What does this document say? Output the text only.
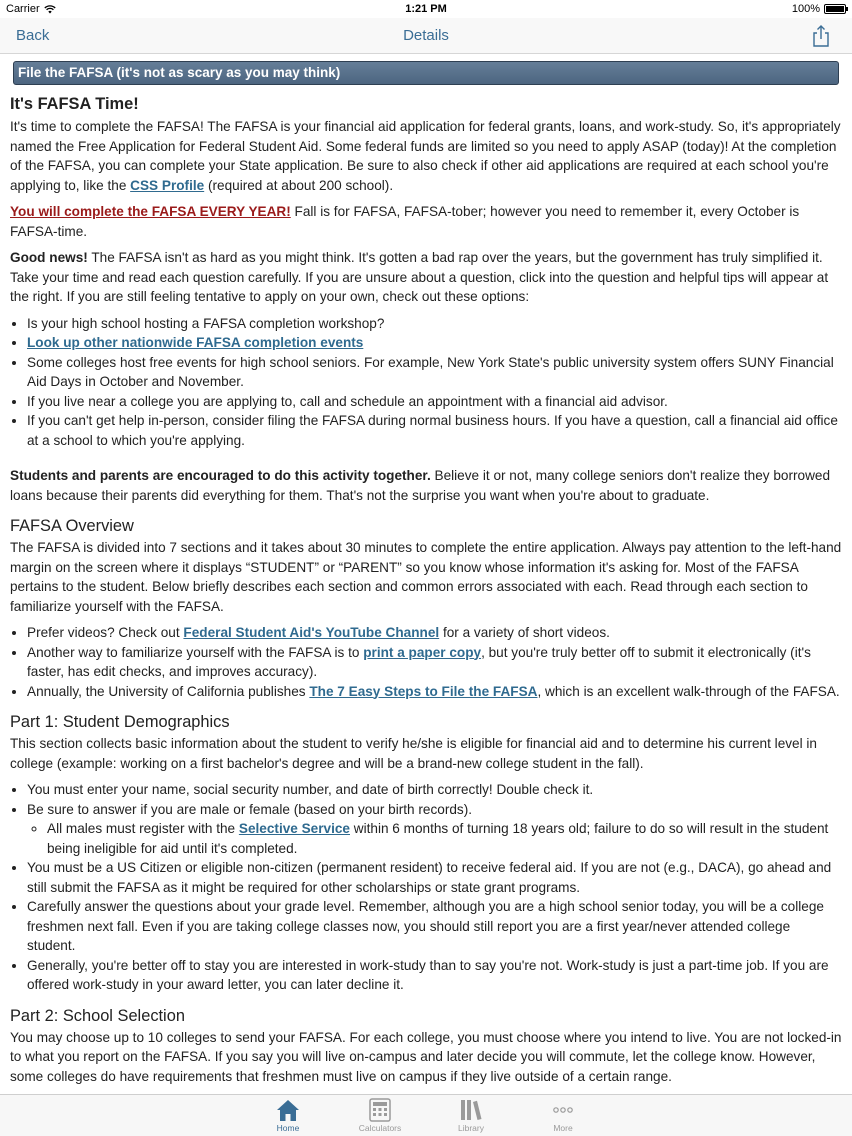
Carrier	1:21 PM	100%
Back	Details
File the FAFSA (it's not as scary as you may think)
It's FAFSA Time!

It's time to complete the FAFSA! The FAFSA is your financial aid application for federal grants, loans, and work-study. So, it's appropriately named the Free Application for Federal Student Aid. Some federal funds are limited so you need to apply ASAP (today)! At the completion of the FAFSA, you can complete your State application. Be sure to also check if other aid applications are required at each school you're applying to, like the CSS Profile (required at about 200 school).

You will complete the FAFSA EVERY YEAR! Fall is for FAFSA, FAFSA-tober; however you need to remember it, every October is FAFSA-time.

Good news! The FAFSA isn't as hard as you might think. It's gotten a bad rap over the years, but the government has truly simplified it. Take your time and read each question carefully. If you are unsure about a question, click into the question and helpful tips will appear at the right. If you are still feeling tentative to apply on your own, check out these options:

• Is your high school hosting a FAFSA completion workshop?
• Look up other nationwide FAFSA completion events
• Some colleges host free events for high school seniors. For example, New York State's public university system offers SUNY Financial Aid Days in October and November.
• If you live near a college you are applying to, call and schedule an appointment with a financial aid advisor.
• If you can't get help in-person, consider filing the FAFSA during normal business hours. If you have a question, call a financial aid office at a school to which you're applying.

Students and parents are encouraged to do this activity together. Believe it or not, many college seniors don't realize they borrowed loans because their parents did everything for them. That's not the surprise you want when you're about to graduate.

FAFSA Overview

The FAFSA is divided into 7 sections and it takes about 30 minutes to complete the entire application. Always pay attention to the left-hand margin on the screen where it displays “STUDENT” or “PARENT” so you know whose information it's asking for. Most of the FAFSA pertains to the student. Below briefly describes each section and common errors associated with each. Read through each section to familiarize yourself with the FAFSA.

• Prefer videos? Check out Federal Student Aid's YouTube Channel for a variety of short videos.
• Another way to familiarize yourself with the FAFSA is to print a paper copy, but you're truly better off to submit it electronically (it's faster, has edit checks, and improves accuracy).
• Annually, the University of California publishes The 7 Easy Steps to File the FAFSA, which is an excellent walk-through of the FAFSA.
Part 1: Student Demographics

This section collects basic information about the student to verify he/she is eligible for financial aid and to determine his current level in college (example: working on a first bachelor's degree and will be a brand-new college student in the fall).

• You must enter your name, social security number, and date of birth correctly! Double check it.
• Be sure to answer if you are male or female (based on your birth records).
◦ All males must register with the Selective Service within 6 months of turning 18 years old; failure to do so will result in the student being ineligible for aid until it's completed.
• You must be a US Citizen or eligible non-citizen (permanent resident) to receive federal aid. If you are not (e.g., DACA), go ahead and still submit the FAFSA as it might be required for other scholarships or state grant programs.
• Carefully answer the questions about your grade level. Remember, although you are a high school senior today, you will be a college freshmen next fall. Even if you are taking college classes now, you should still report you are a first year/never attended college student.
• Generally, you're better off to stay you are interested in work-study than to say you're not. Work-study is just a part-time job. If you are offered work-study in your award letter, you can later decline it.
Part 2: School Selection

You may choose up to 10 colleges to send your FAFSA. For each college, you must choose where you intend to live. You are not locked-in to what you report on the FAFSA. If you say you will live on-campus and later decide you will commute, let the college know. However, some colleges do have requirements that freshmen must live on campus if they live outside of a certain range.

Home	Calculators	Library	More
